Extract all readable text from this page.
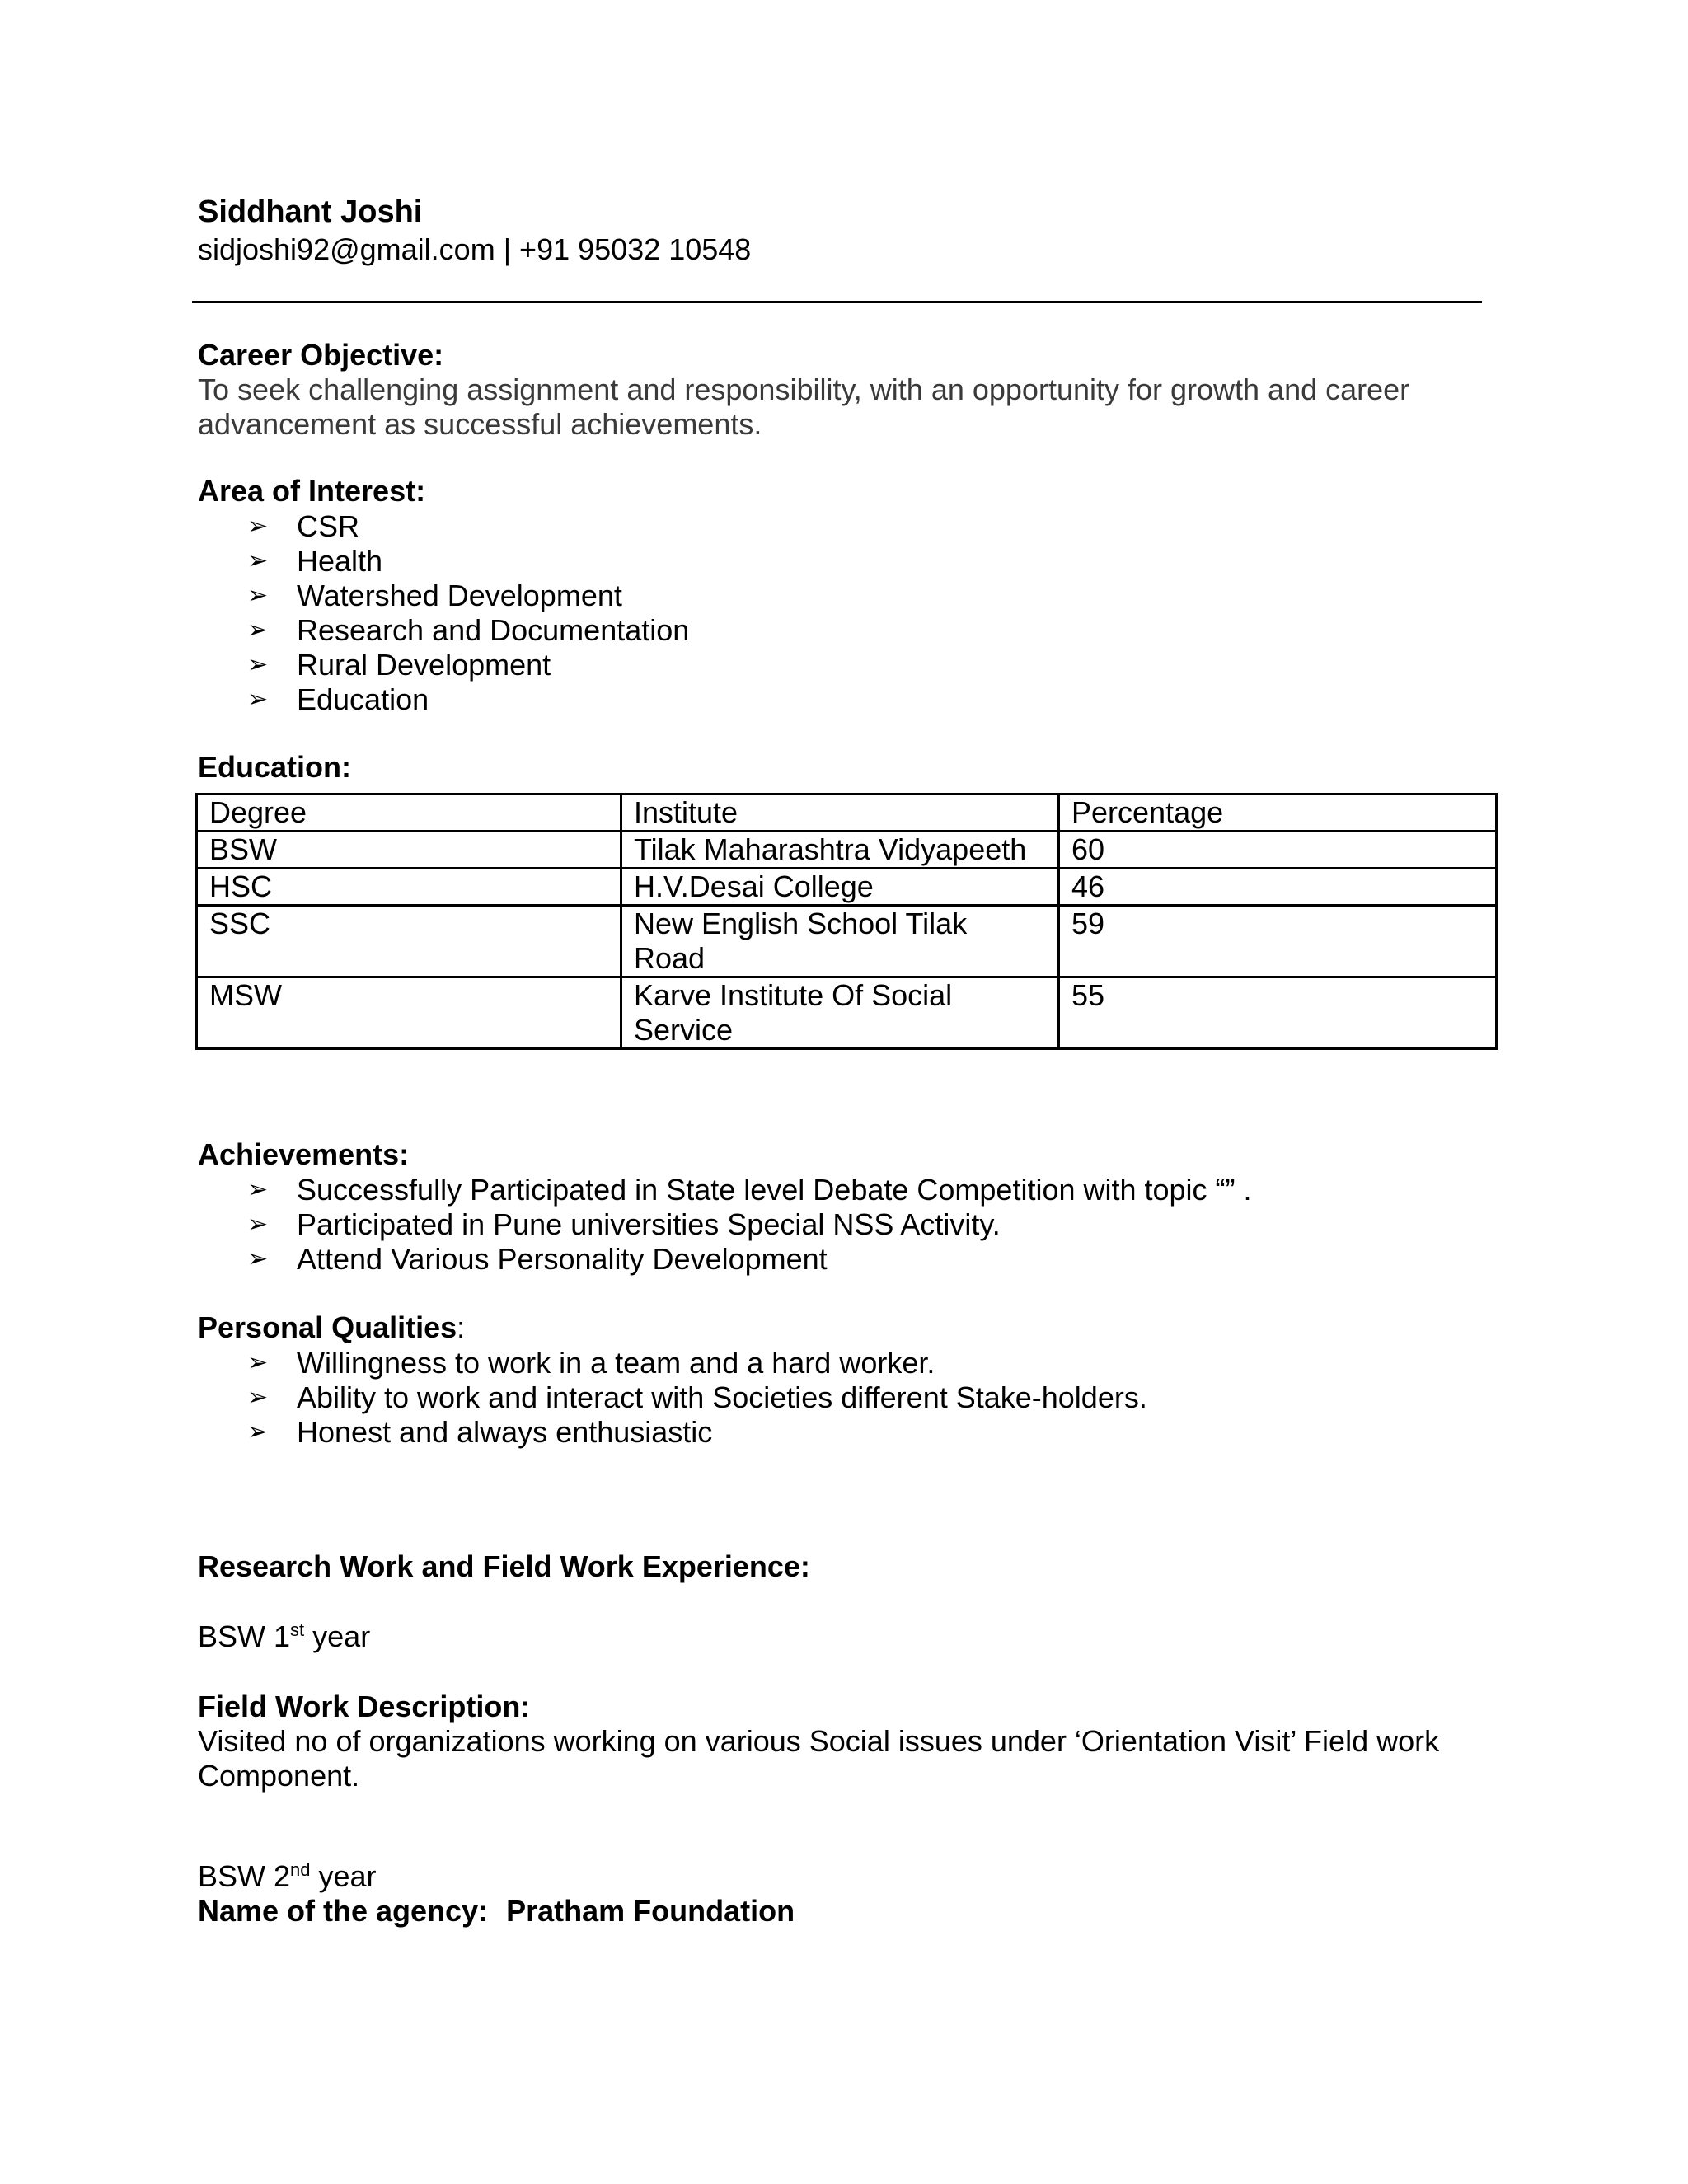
Siddhant Joshi
sidjoshi92@gmail.com | +91 95032 10548
Career Objective:
To seek challenging assignment and responsibility, with an opportunity for growth and career advancement as successful achievements.
Area of Interest:
➢ CSR
➢ Health
➢ Watershed Development
➢ Research and Documentation
➢ Rural Development
➢ Education
Education:
Degree	Institute	Percentage
BSW	Tilak Maharashtra Vidyapeeth	60
HSC	H.V.Desai College	46
SSC	New English School Tilak Road	59
MSW	Karve Institute Of Social Service	55
Achievements:
➢ Successfully Participated in State level Debate Competition with topic “” .
➢ Participated in Pune universities Special NSS Activity.
➢ Attend Various Personality Development
Personal Qualities:
➢ Willingness to work in a team and a hard worker.
➢ Ability to work and interact with Societies different Stake-holders.
➢ Honest and always enthusiastic
Research Work and Field Work Experience:
BSW 1st year
Field Work Description:
Visited no of organizations working on various Social issues under ‘Orientation Visit’ Field work Component.
BSW 2nd year
Name of the agency: Pratham Foundation
